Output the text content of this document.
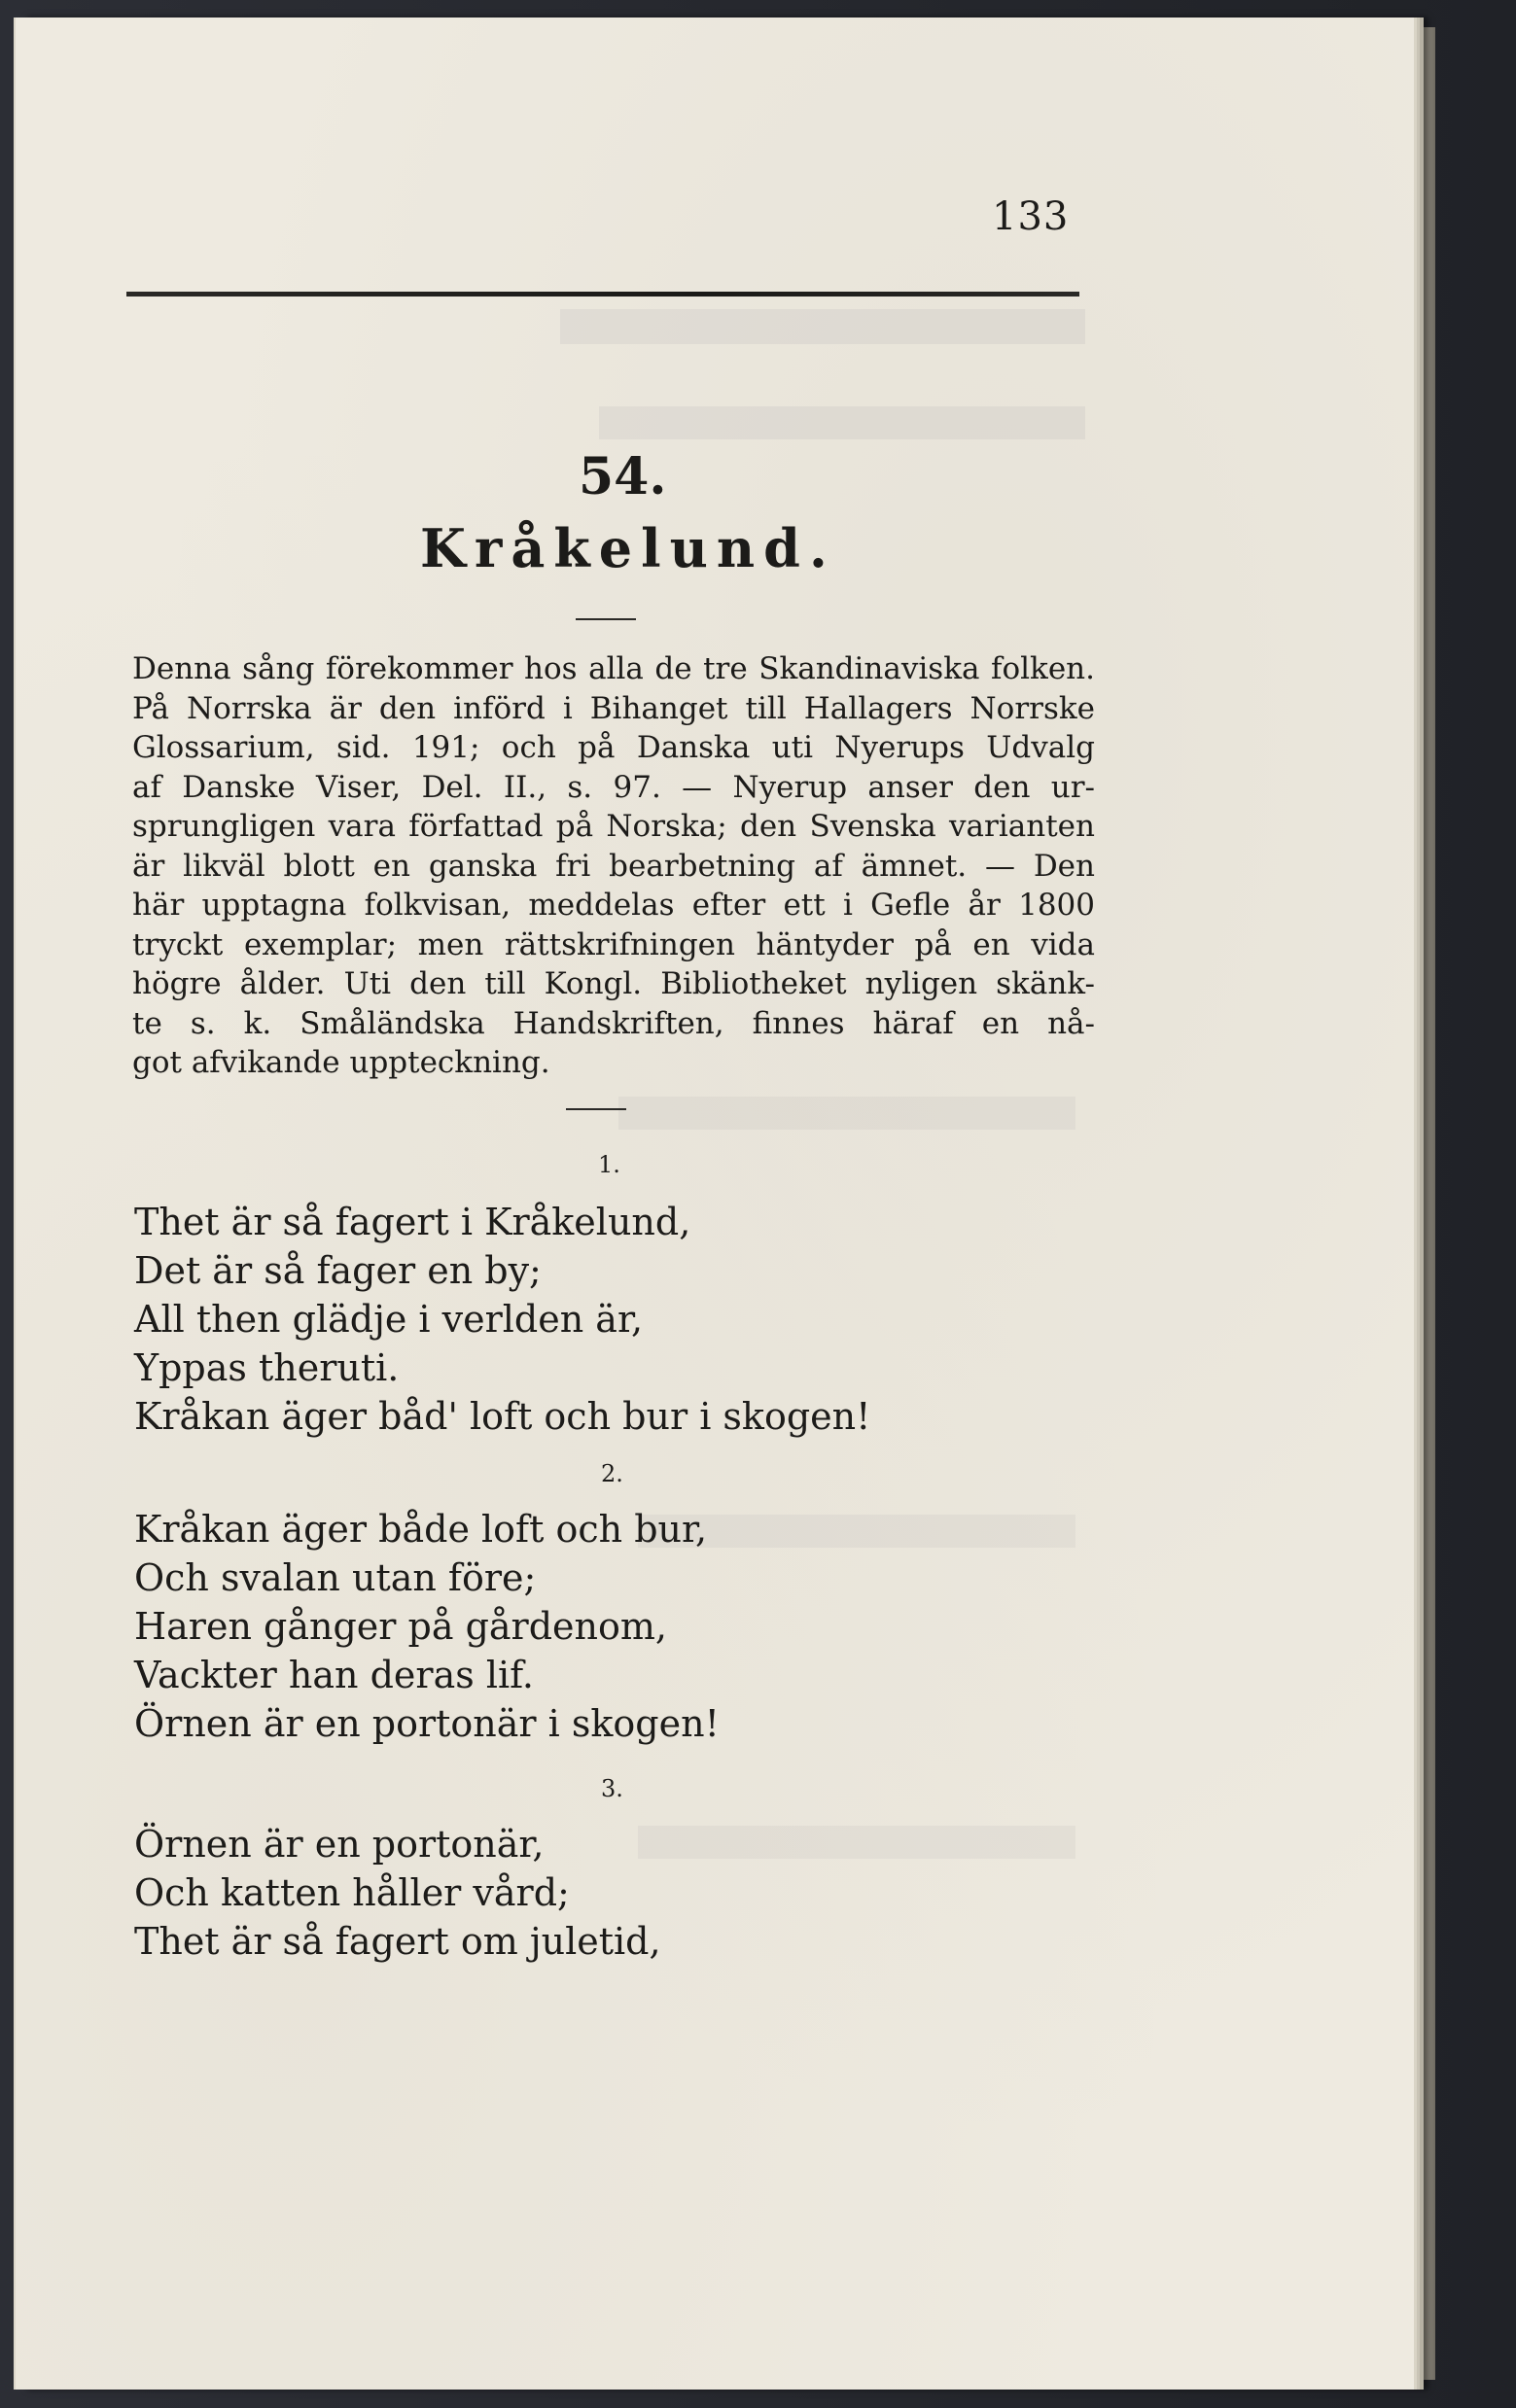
133
54.
Kråkelund.
Denna sång förekommer hos alla de tre Skandinaviska folken.
På Norrska är den införd i Bihanget till Hallagers Norrske
Glossarium, sid. 191; och på Danska uti Nyerups Udvalg
af Danske Viser, Del. II., s. 97. — Nyerup anser den ur-
sprungligen vara författad på Norska; den Svenska varianten
är likväl blott en ganska fri bearbetning af ämnet. — Den
här upptagna folkvisan, meddelas efter ett i Gefle år 1800
tryckt exemplar; men rättskrifningen häntyder på en vida
högre ålder. Uti den till Kongl. Bibliotheket nyligen skänk-
te s. k. Småländska Handskriften, finnes häraf en nå-
got afvikande uppteckning.
1.
Thet är så fagert i Kråkelund,
Det är så fager en by;
All then glädje i verlden är,
Yppas theruti.
Kråkan äger båd' loft och bur i skogen!
2.
Kråkan äger både loft och bur,
Och svalan utan före;
Haren gånger på gårdenom,
Vackter han deras lif.
Örnen är en portonär i skogen!
3.
Örnen är en portonär,
Och katten håller vård;
Thet är så fagert om juletid,
